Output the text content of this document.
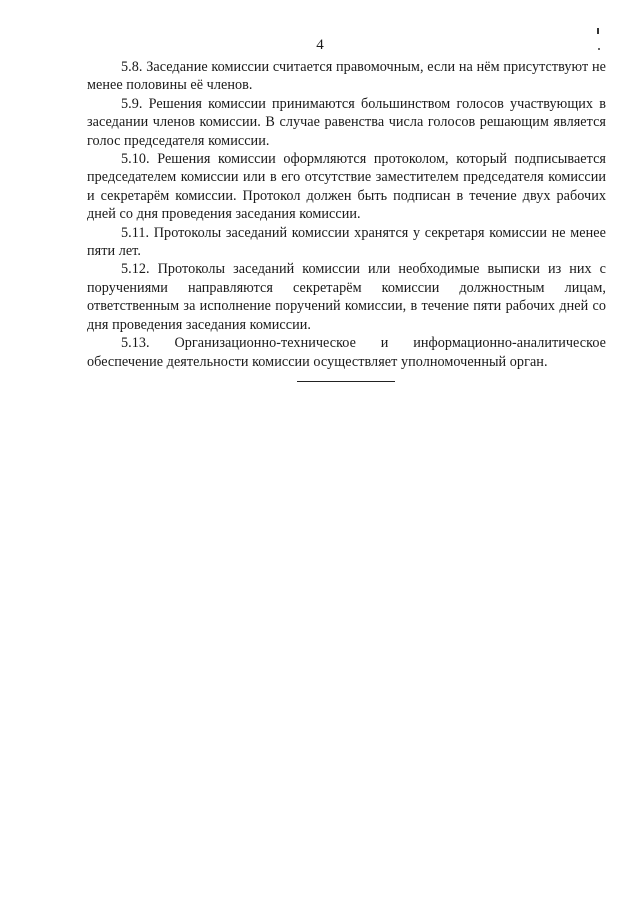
4

5.8. Заседание комиссии считается правомочным, если на нём присутствуют не менее половины её членов.

5.9. Решения комиссии принимаются большинством голосов участвующих в заседании членов комиссии. В случае равенства числа голосов решающим является голос председателя комиссии.

5.10. Решения комиссии оформляются протоколом, который подписывается председателем комиссии или в его отсутствие заместителем председателя комиссии и секретарём комиссии. Протокол должен быть подписан в течение двух рабочих дней со дня проведения заседания комиссии.

5.11. Протоколы заседаний комиссии хранятся у секретаря комиссии не менее пяти лет.

5.12. Протоколы заседаний комиссии или необходимые выписки из них с поручениями направляются секретарём комиссии должностным лицам, ответственным за исполнение поручений комиссии, в течение пяти рабочих дней со дня проведения заседания комиссии.

5.13. Организационно-техническое и информационно-аналитическое обеспечение деятельности комиссии осуществляет уполномоченный орган.
